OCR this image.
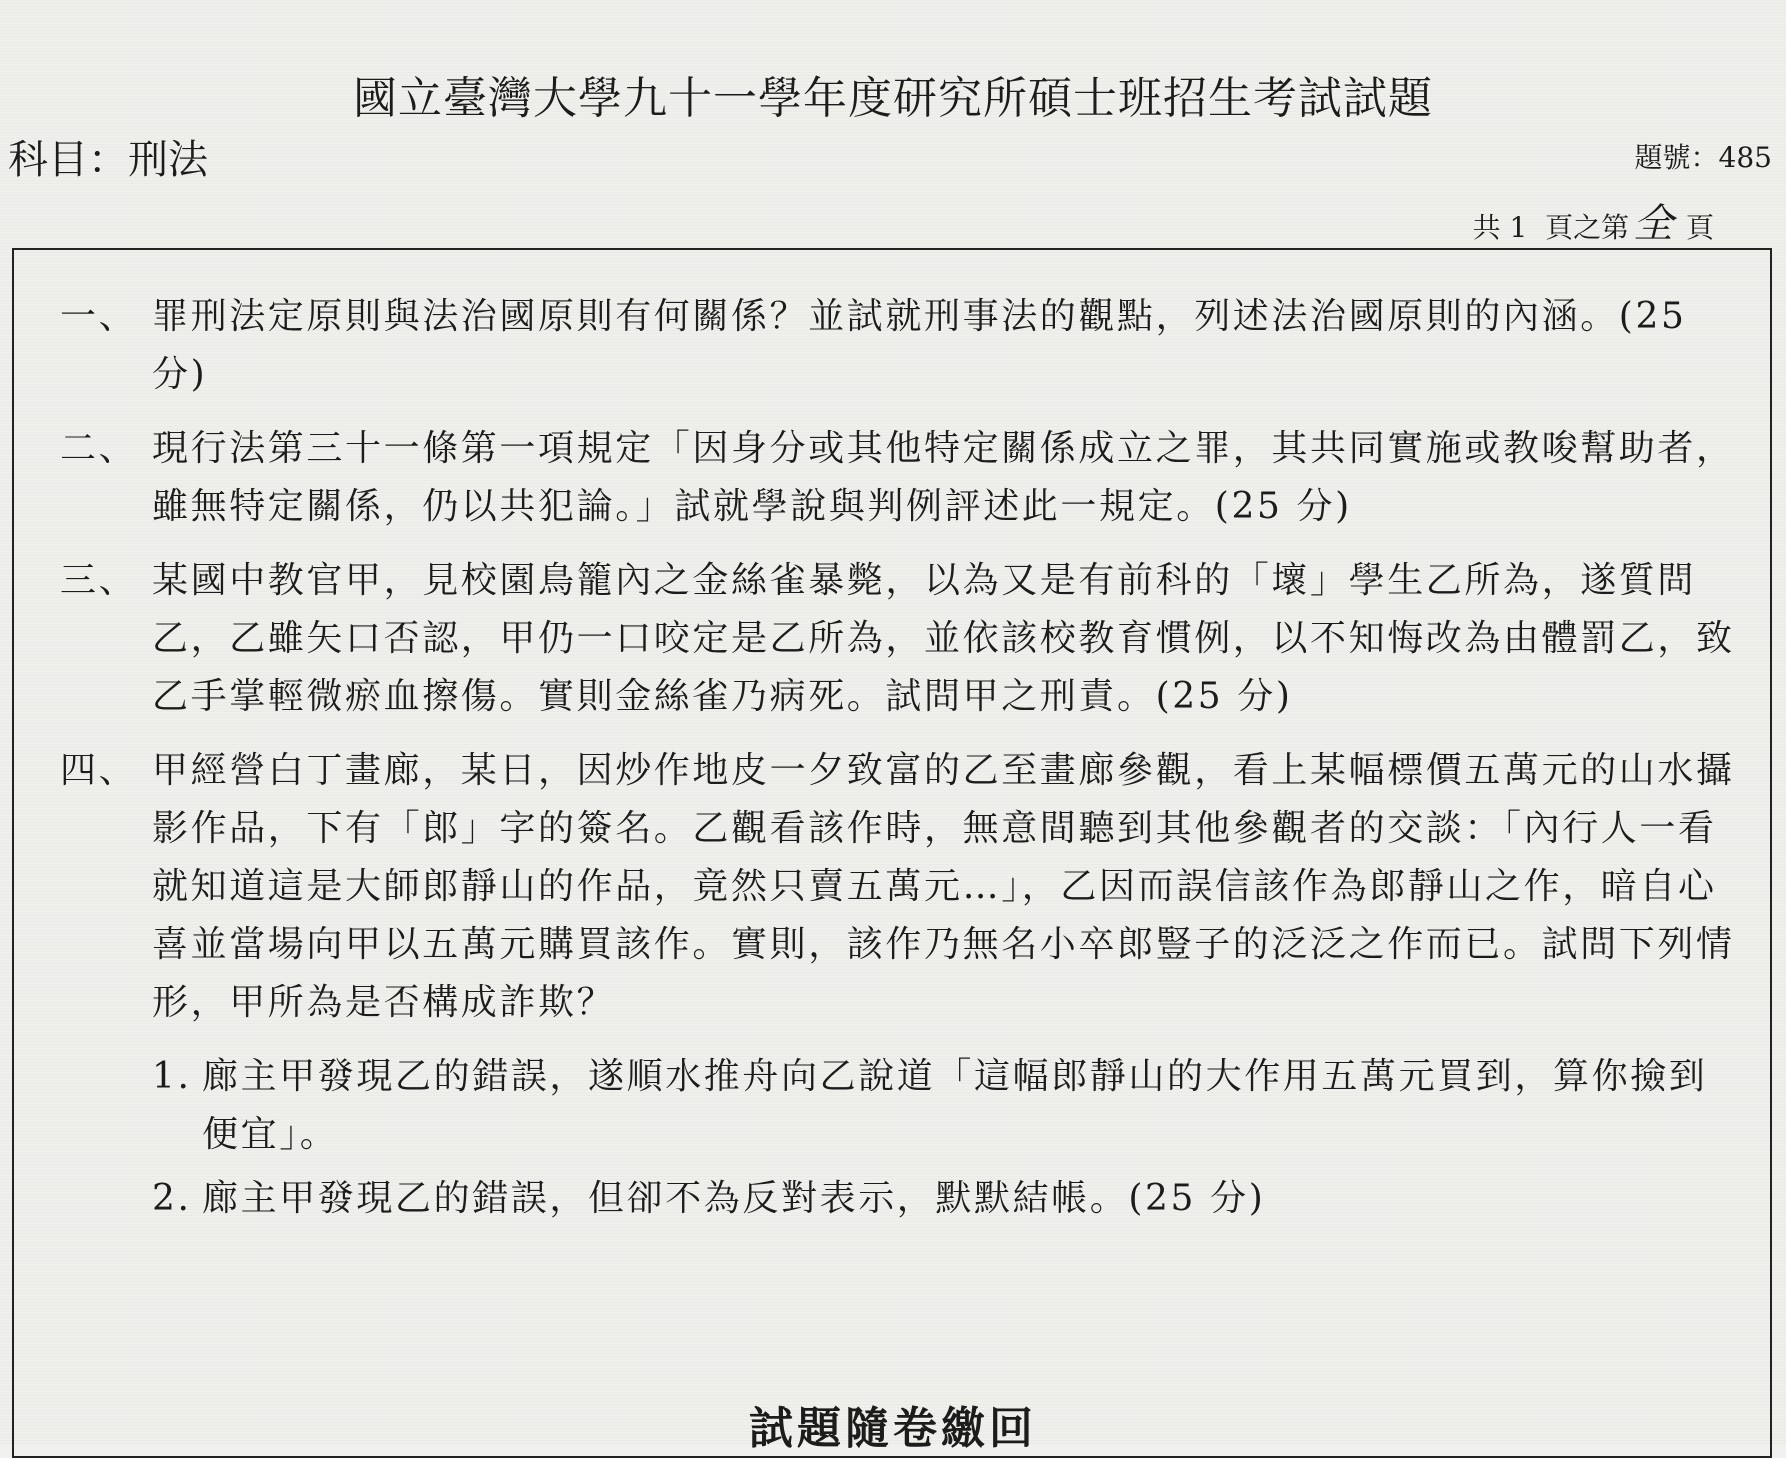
國立臺灣大學九十一學年度研究所碩士班招生考試試題
科目：刑法	題號：485
共 1  頁之第 全 頁
一、 罪刑法定原則與法治國原則有何關係？並試就刑事法的觀點，列述法治國原則的內涵。(25 分)
二、 現行法第三十一條第一項規定「因身分或其他特定關係成立之罪，其共同實施或教唆幫助者，雖無特定關係，仍以共犯論。」試就學說與判例評述此一規定。(25 分)
三、 某國中教官甲，見校園鳥籠內之金絲雀暴斃，以為又是有前科的「壞」學生乙所為，遂質問乙，乙雖矢口否認，甲仍一口咬定是乙所為，並依該校教育慣例，以不知悔改為由體罰乙，致乙手掌輕微瘀血擦傷。實則金絲雀乃病死。試問甲之刑責。(25 分)
四、 甲經營白丁畫廊，某日，因炒作地皮一夕致富的乙至畫廊參觀，看上某幅標價五萬元的山水攝影作品，下有「郎」字的簽名。乙觀看該作時，無意間聽到其他參觀者的交談：「內行人一看就知道這是大師郎靜山的作品，竟然只賣五萬元…」，乙因而誤信該作為郎靜山之作，暗自心喜並當場向甲以五萬元購買該作。實則，該作乃無名小卒郎豎子的泛泛之作而已。試問下列情形，甲所為是否構成詐欺？
1. 廊主甲發現乙的錯誤，遂順水推舟向乙說道「這幅郎靜山的大作用五萬元買到，算你撿到便宜」。
2. 廊主甲發現乙的錯誤，但卻不為反對表示，默默結帳。(25 分)
試題隨卷繳回
